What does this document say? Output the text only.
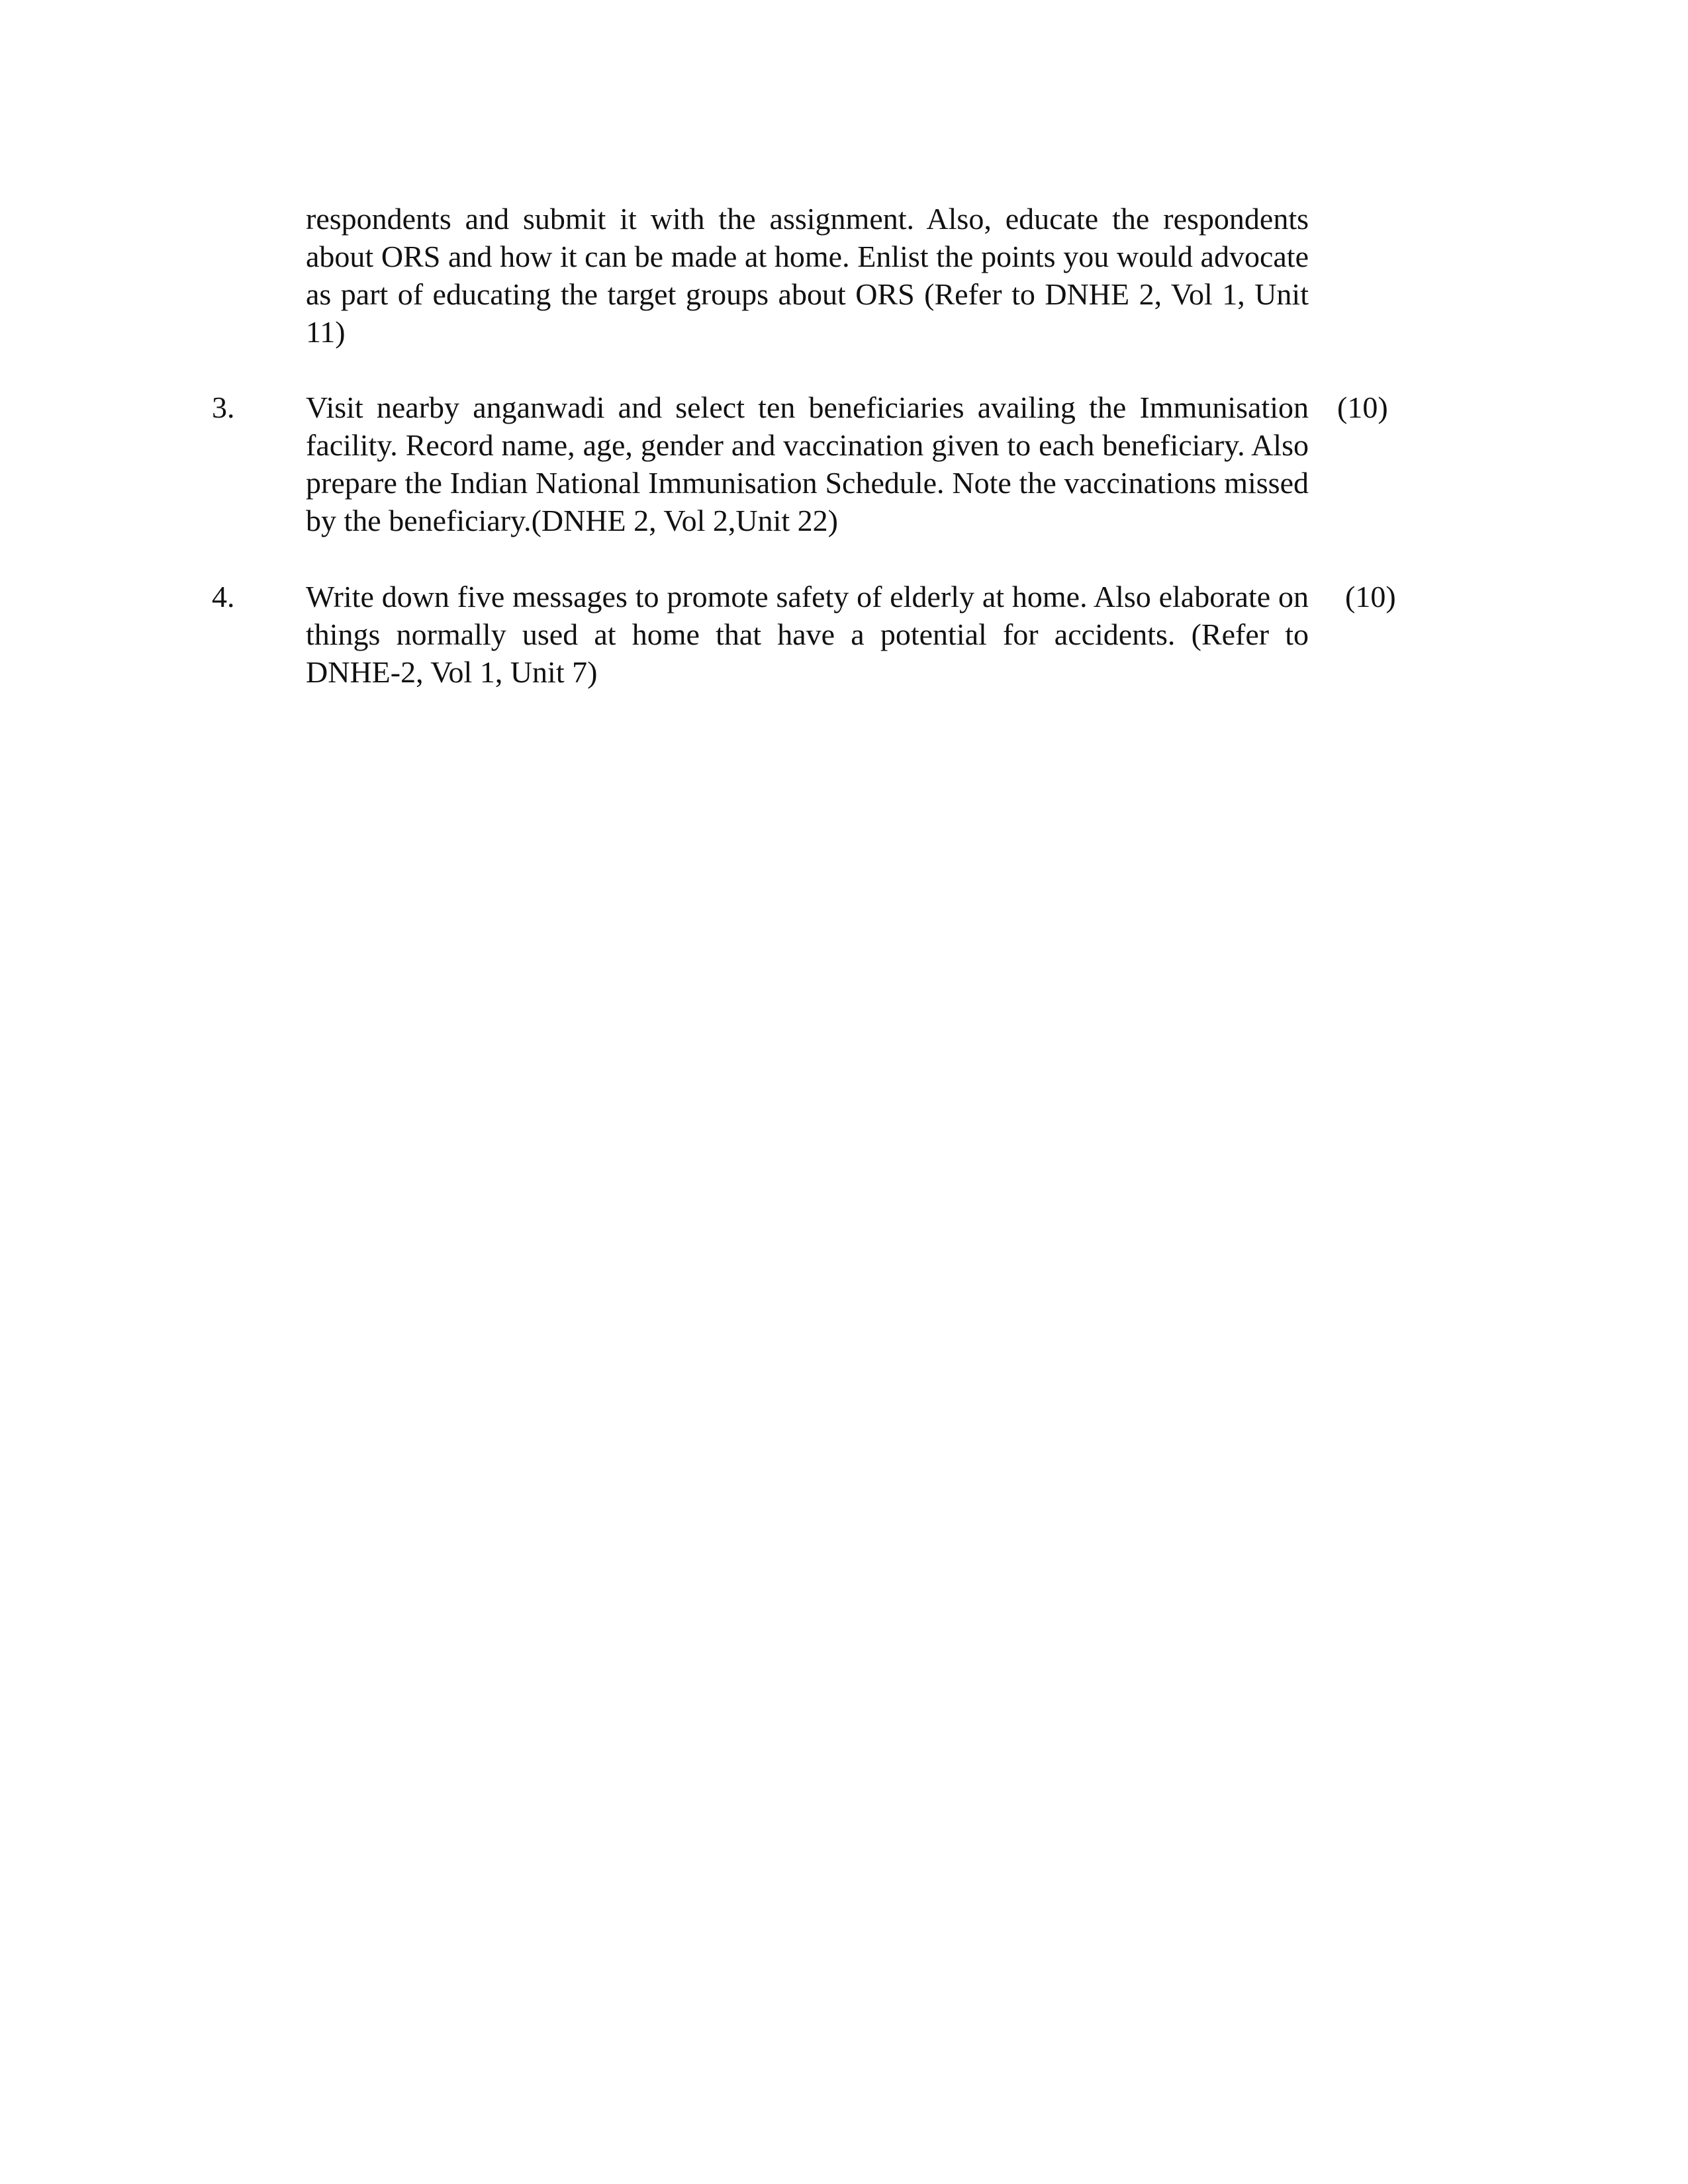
respondents and submit it with the assignment. Also, educate the respondents about ORS and how it can be made at home. Enlist the points you would advocate as part of educating the target groups about ORS (Refer to DNHE 2, Vol 1, Unit 11)
3. Visit nearby anganwadi and select ten beneficiaries availing the Immunisation facility. Record name, age, gender and vaccination given to each beneficiary. Also prepare the Indian National Immunisation Schedule. Note the vaccinations missed by the beneficiary.(DNHE 2, Vol 2,Unit 22)
(10)
4. Write down five messages to promote safety of elderly at home. Also elaborate on things normally used at home that have a potential for accidents. (Refer to DNHE-2, Vol 1, Unit 7)
(10)
